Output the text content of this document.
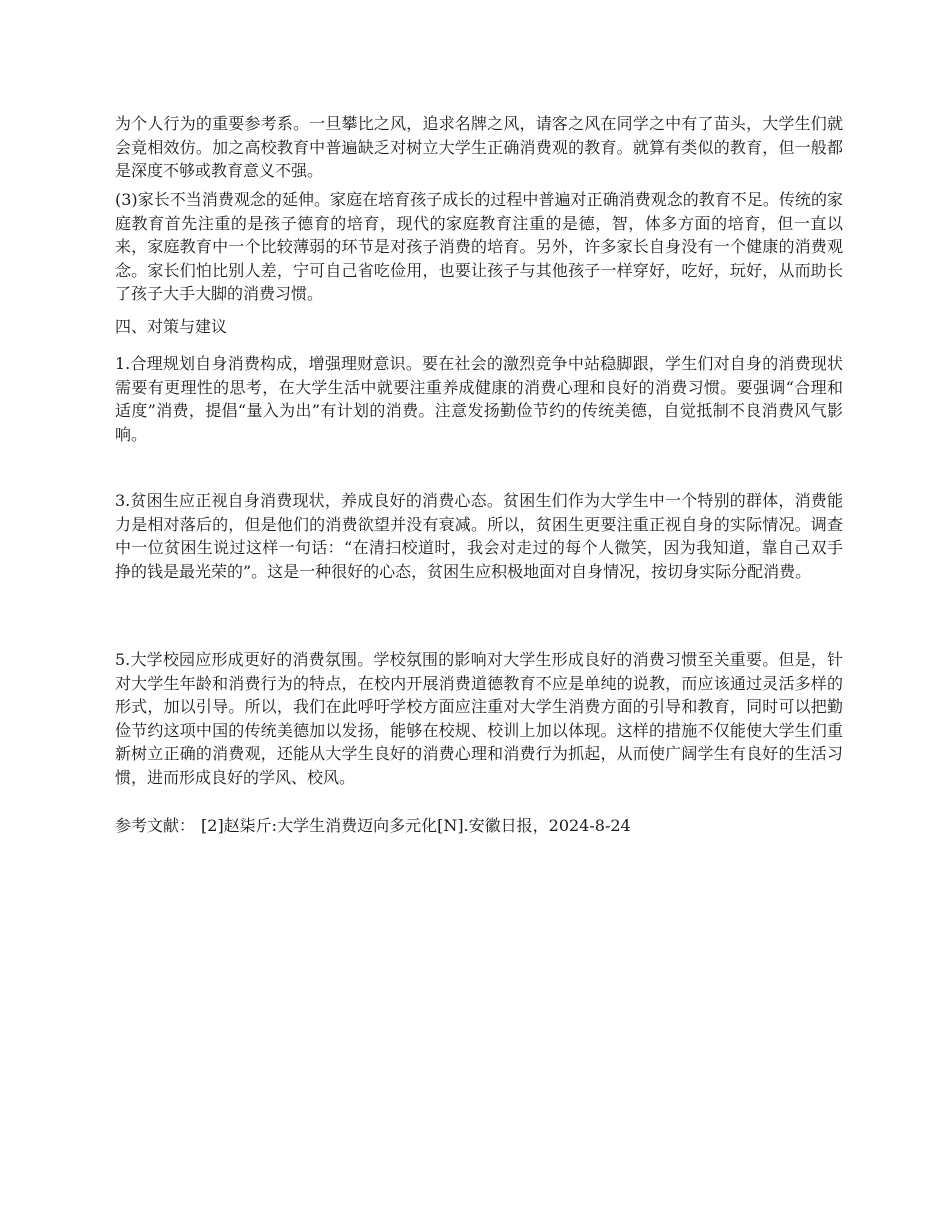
为个人行为的重要参考系。一旦攀比之风，追求名牌之风，请客之风在同学之中有了苗头，大学生们就会竟相效仿。加之高校教育中普遍缺乏对树立大学生正确消费观的教育。就算有类似的教育，但一般都是深度不够或教育意义不强。

(3)家长不当消费观念的延伸。家庭在培育孩子成长的过程中普遍对正确消费观念的教育不足。传统的家庭教育首先注重的是孩子德育的培育，现代的家庭教育注重的是德，智，体多方面的培育，但一直以来，家庭教育中一个比较薄弱的环节是对孩子消费的培育。另外，许多家长自身没有一个健康的消费观念。家长们怕比别人差，宁可自己省吃俭用，也要让孩子与其他孩子一样穿好，吃好，玩好，从而助长了孩子大手大脚的消费习惯。

四、对策与建议

1.合理规划自身消费构成，增强理财意识。要在社会的激烈竞争中站稳脚跟，学生们对自身的消费现状需要有更理性的思考，在大学生活中就要注重养成健康的消费心理和良好的消费习惯。要强调“合理和适度”消费，提倡“量入为出”有计划的消费。注意发扬勤俭节约的传统美德，自觉抵制不良消费风气影响。

3.贫困生应正视自身消费现状，养成良好的消费心态。贫困生们作为大学生中一个特别的群体，消费能力是相对落后的，但是他们的消费欲望并没有衰减。所以，贫困生更要注重正视自身的实际情况。调查中一位贫困生说过这样一句话：“在清扫校道时，我会对走过的每个人微笑，因为我知道，靠自己双手挣的钱是最光荣的”。这是一种很好的心态，贫困生应积极地面对自身情况，按切身实际分配消费。

5.大学校园应形成更好的消费氛围。学校氛围的影响对大学生形成良好的消费习惯至关重要。但是，针对大学生年龄和消费行为的特点，在校内开展消费道德教育不应是单纯的说教，而应该通过灵活多样的形式，加以引导。所以，我们在此呼吁学校方面应注重对大学生消费方面的引导和教育，同时可以把勤俭节约这项中国的传统美德加以发扬，能够在校规、校训上加以体现。这样的措施不仅能使大学生们重新树立正确的消费观，还能从大学生良好的消费心理和消费行为抓起，从而使广阔学生有良好的生活习惯，进而形成良好的学风、校风。

参考文献： [2]赵柒斤:大学生消费迈向多元化[N].安徽日报，2024-8-24
